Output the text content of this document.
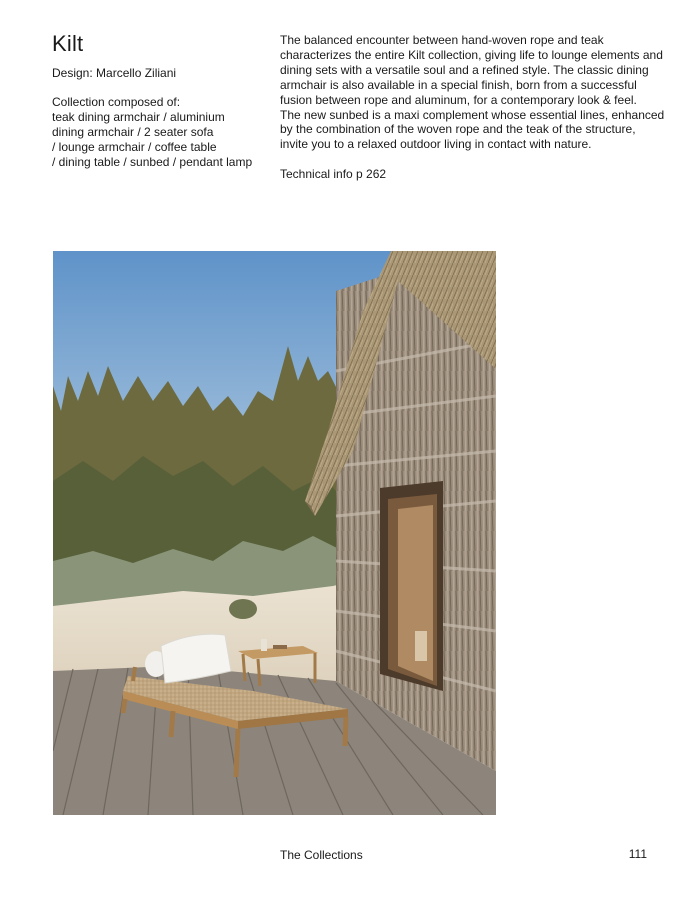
Kilt

Design: Marcello Ziliani

Collection composed of:
teak dining armchair / aluminium
dining armchair / 2 seater sofa
/ lounge armchair / coffee table
/ dining table / sunbed / pendant lamp
The balanced encounter between hand-woven rope and teak
characterizes the entire Kilt collection, giving life to lounge elements and
dining sets with a versatile soul and a refined style. The classic dining
armchair is also available in a special finish, born from a successful
fusion between rope and aluminum, for a contemporary look & feel.
The new sunbed is a maxi complement whose essential lines, enhanced
by the combination of the woven rope and the teak of the structure,
invite you to a relaxed outdoor living in contact with nature.

Technical info p 262

The Collections	111
